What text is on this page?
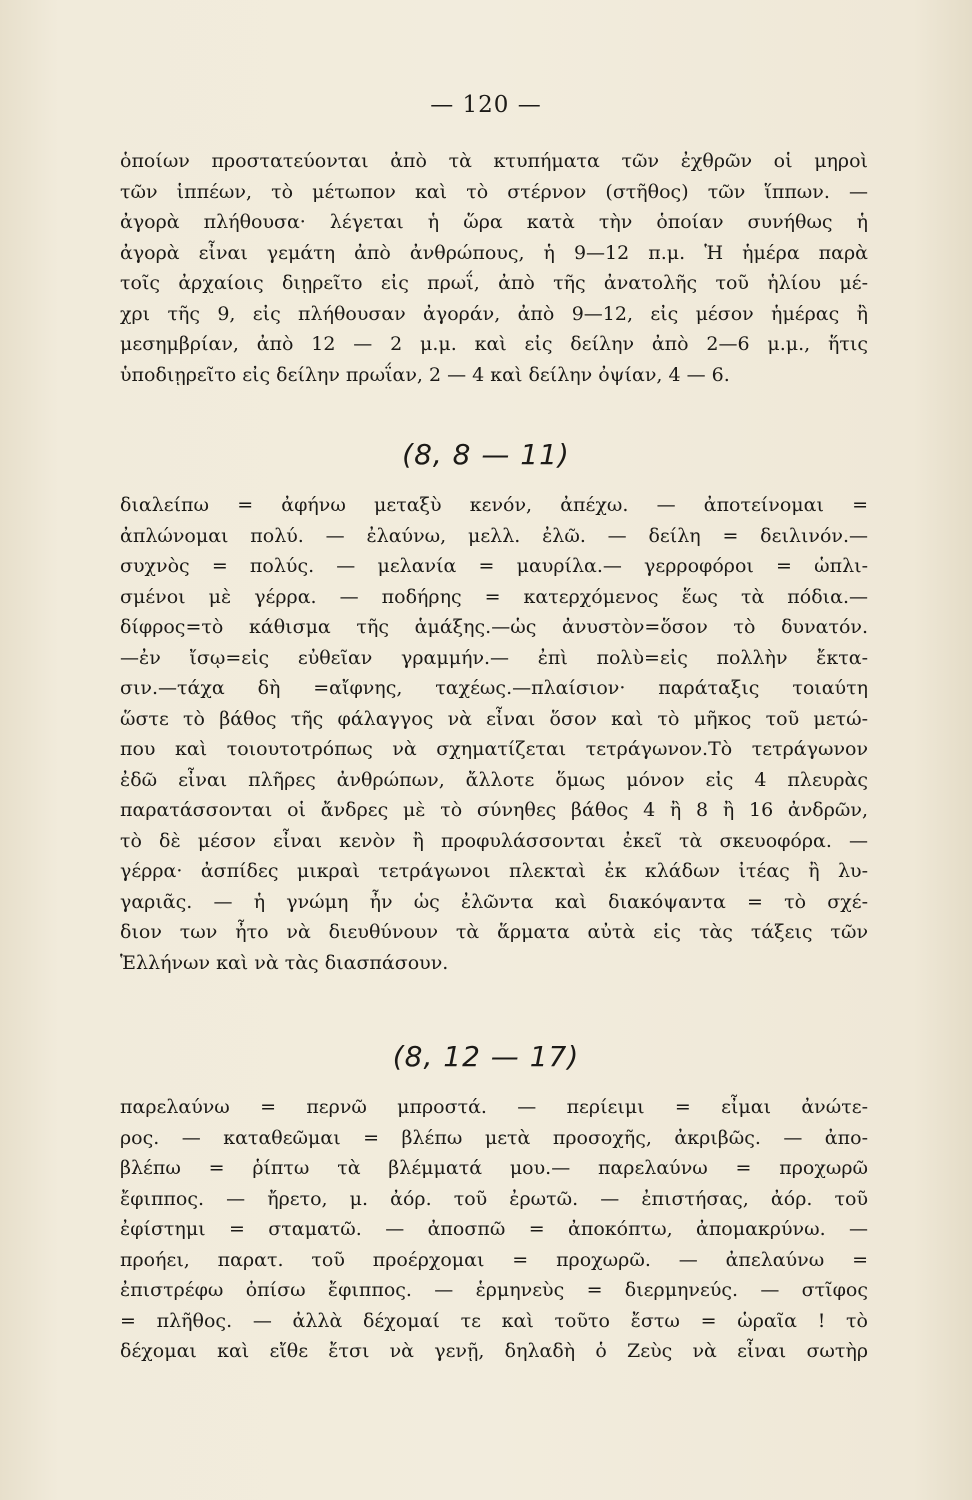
— 120 —
ὁποίων προστατεύονται ἀπὸ τὰ κτυπήματα τῶν ἐχθρῶν οἱ μηροὶ
τῶν ἱππέων, τὸ μέτωπον καὶ τὸ στέρνον (στῆθος) τῶν ἵππων. —
ἀγορὰ πλήθουσα· λέγεται ἡ ὥρα κατὰ τὴν ὁποίαν συνήθως ἡ
ἀγορὰ εἶναι γεμάτη ἀπὸ ἀνθρώπους, ἡ 9—12 π.μ. Ἡ ἡμέρα παρὰ
τοῖς ἀρχαίοις διῃρεῖτο εἰς πρωΐ, ἀπὸ τῆς ἀνατολῆς τοῦ ἡλίου μέ-
χρι τῆς 9, εἰς πλήθουσαν ἀγοράν, ἀπὸ 9—12, εἰς μέσον ἡμέρας ἢ
μεσημβρίαν, ἀπὸ 12 — 2 μ.μ. καὶ εἰς δείλην ἀπὸ 2—6 μ.μ., ἥτις
ὑποδιῃρεῖτο εἰς δείλην πρωΐαν, 2 — 4 καὶ δείλην ὀψίαν, 4 — 6.
(8, 8 — 11)
διαλείπω = ἀφήνω μεταξὺ κενόν, ἀπέχω. — ἀποτείνομαι =
ἀπλώνομαι πολύ. — ἐλαύνω, μελλ. ἐλῶ. — δείλη = δειλινόν.—
συχνὸς = πολύς. — μελανία = μαυρίλα.— γερροφόροι = ὡπλι-
σμένοι μὲ γέρρα. — ποδήρης = κατερχόμενος ἕως τὰ πόδια.—
δίφρος=τὸ κάθισμα τῆς ἁμάξης.—ὡς ἀνυστὸν=ὅσον τὸ δυνατόν.
—ἐν ἴσῳ=εἰς εὐθεῖαν γραμμήν.— ἐπὶ πολὺ=εἰς πολλὴν ἔκτα-
σιν.—τάχα δὴ =αἴφνης, ταχέως.—πλαίσιον· παράταξις τοιαύτη
ὥστε τὸ βάθος τῆς φάλαγγος νὰ εἶναι ὅσον καὶ τὸ μῆκος τοῦ μετώ-
που καὶ τοιουτοτρόπως νὰ σχηματίζεται τετράγωνον.Τὸ τετράγωνον
ἐδῶ εἶναι πλῆρες ἀνθρώπων, ἄλλοτε ὅμως μόνον εἰς 4 πλευρὰς
παρατάσσονται οἱ ἄνδρες μὲ τὸ σύνηθες βάθος 4 ἢ 8 ἢ 16 ἀνδρῶν,
τὸ δὲ μέσον εἶναι κενὸν ἢ προφυλάσσονται ἐκεῖ τὰ σκευοφόρα. —
γέρρα· ἀσπίδες μικραὶ τετράγωνοι πλεκταὶ ἐκ κλάδων ἰτέας ἢ λυ-
γαριᾶς. — ἡ γνώμη ἦν ὡς ἐλῶντα καὶ διακόψαντα = τὸ σχέ-
διον των ἦτο νὰ διευθύνουν τὰ ἅρματα αὐτὰ εἰς τὰς τάξεις τῶν
Ἑλλήνων καὶ νὰ τὰς διασπάσουν.
(8, 12 — 17)
παρελαύνω = περνῶ μπροστά. — περίειμι = εἶμαι ἀνώτε-
ρος. — καταθεῶμαι = βλέπω μετὰ προσοχῆς, ἀκριβῶς. — ἀπο-
βλέπω = ῥίπτω τὰ βλέμματά μου.— παρελαύνω = προχωρῶ
ἔφιππος. — ἤρετο, μ. ἀόρ. τοῦ ἐρωτῶ. — ἐπιστήσας, ἀόρ. τοῦ
ἐφίστημι = σταματῶ. — ἀποσπῶ = ἀποκόπτω, ἀπομακρύνω. —
προήει, παρατ. τοῦ προέρχομαι = προχωρῶ. — ἀπελαύνω =
ἐπιστρέφω ὀπίσω ἔφιππος. — ἑρμηνεὺς = διερμηνεύς. — στῖφος
= πλῆθος. — ἀλλὰ δέχομαί τε καὶ τοῦτο ἔστω = ὡραῖα ! τὸ
δέχομαι καὶ εἴθε ἔτσι νὰ γενῇ, δηλαδὴ ὁ Ζεὺς νὰ εἶναι σωτὴρ
